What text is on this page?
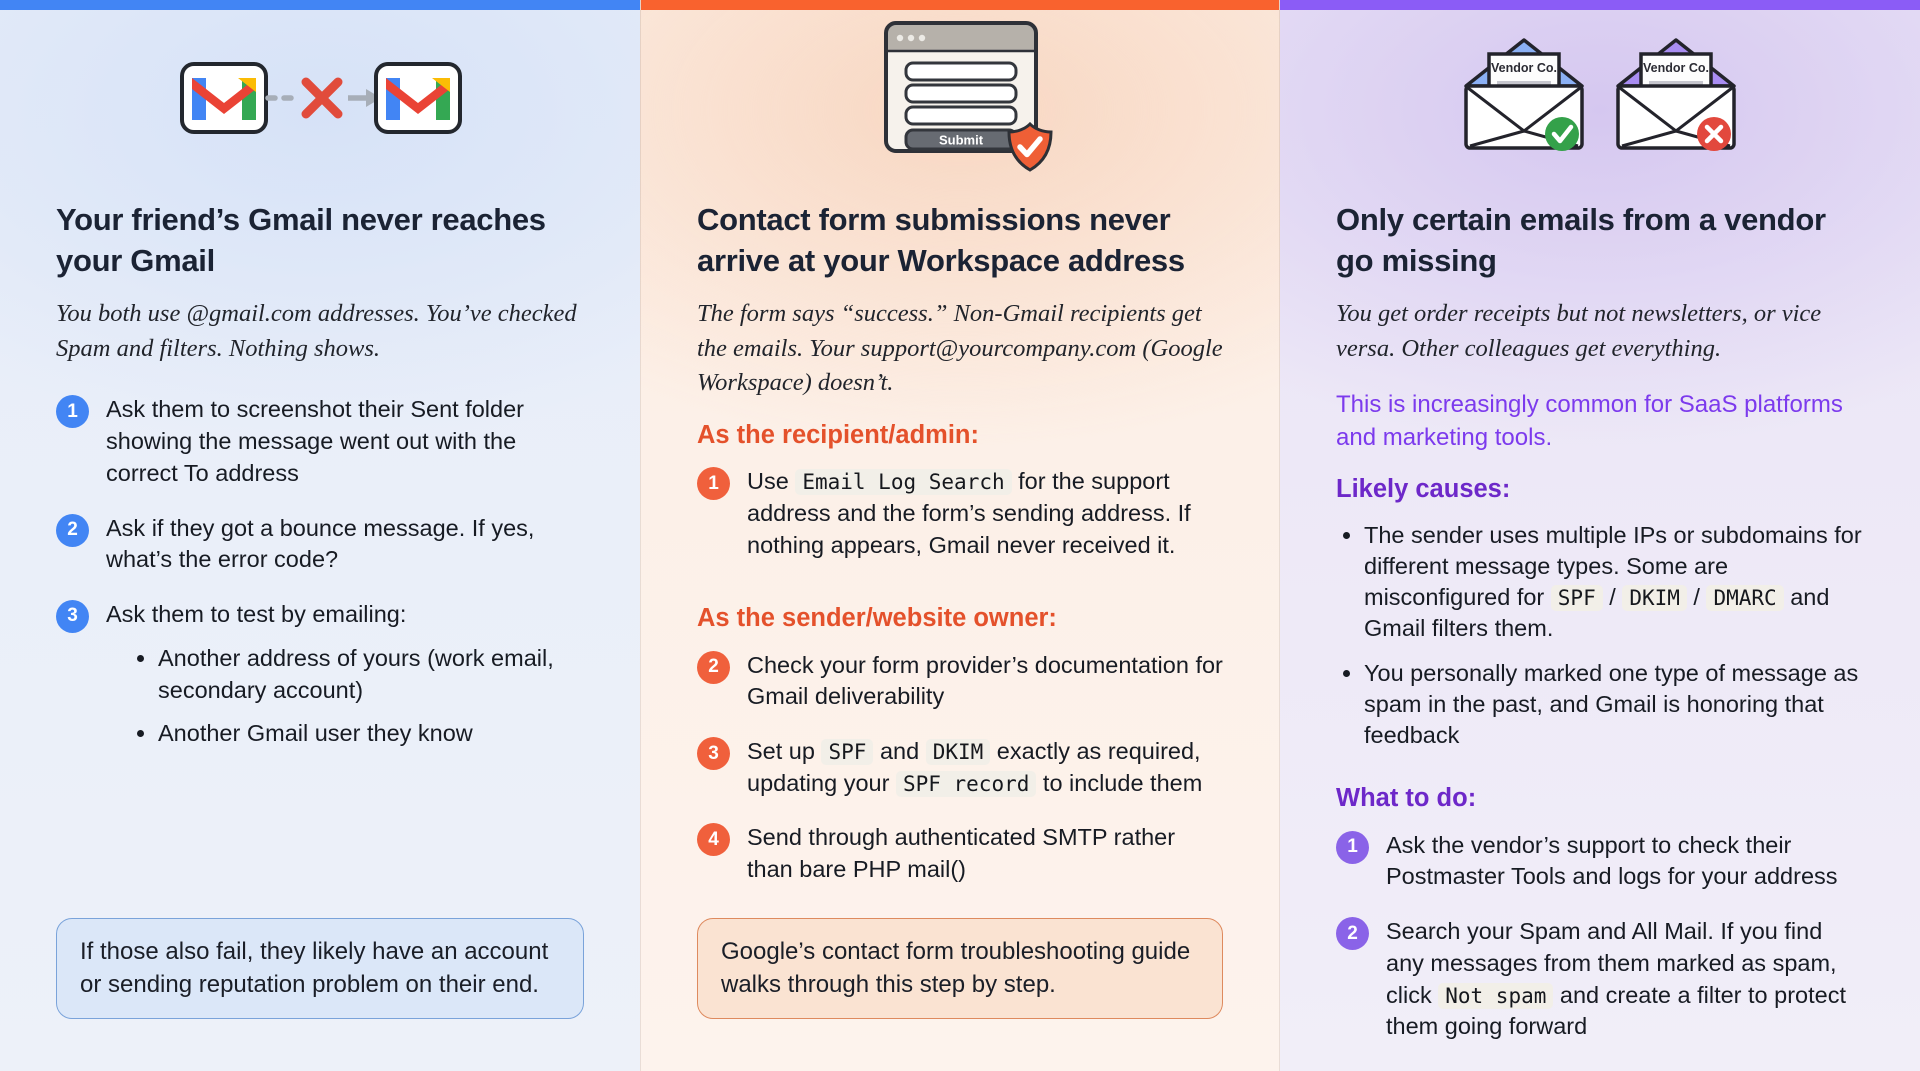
Your friend’s Gmail never reaches your Gmail

You both use @gmail.com addresses. You’ve checked Spam and filters. Nothing shows.

1	Ask them to screenshot their Sent folder showing the message went out with the correct To address
2	Ask if they got a bounce message. If yes, what’s the error code?
3	Ask them to test by emailing:
• Another address of yours (work email, secondary account)
• Another Gmail user they know
If those also fail, they likely have an account or sending reputation problem on their end.
Submit
Contact form submissions never arrive at your Workspace address

The form says “success.” Non-Gmail recipients get the emails. Your support@yourcompany.com (Google Workspace) doesn’t.

As the recipient/admin:
1	Use Email Log Search for the support address and the form’s sending address. If nothing appears, Gmail never received it.
As the sender/website owner:
2	Check your form provider’s documentation for Gmail deliverability
3	Set up SPF and DKIM exactly as required, updating your SPF record to include them
4	Send through authenticated SMTP rather than bare PHP mail()
Google’s contact form troubleshooting guide walks through this step by step.
Vendor Co.	Vendor Co.
Only certain emails from a vendor go missing

You get order receipts but not newsletters, or vice versa. Other colleagues get everything.

This is increasingly common for SaaS platforms and marketing tools.

Likely causes:
• The sender uses multiple IPs or subdomains for different message types. Some are misconfigured for SPF / DKIM / DMARC and Gmail filters them.
• You personally marked one type of message as spam in the past, and Gmail is honoring that feedback
What to do:
1	Ask the vendor’s support to check their Postmaster Tools and logs for your address
2	Search your Spam and All Mail. If you find any messages from them marked as spam, click Not spam and create a filter to protect them going forward
